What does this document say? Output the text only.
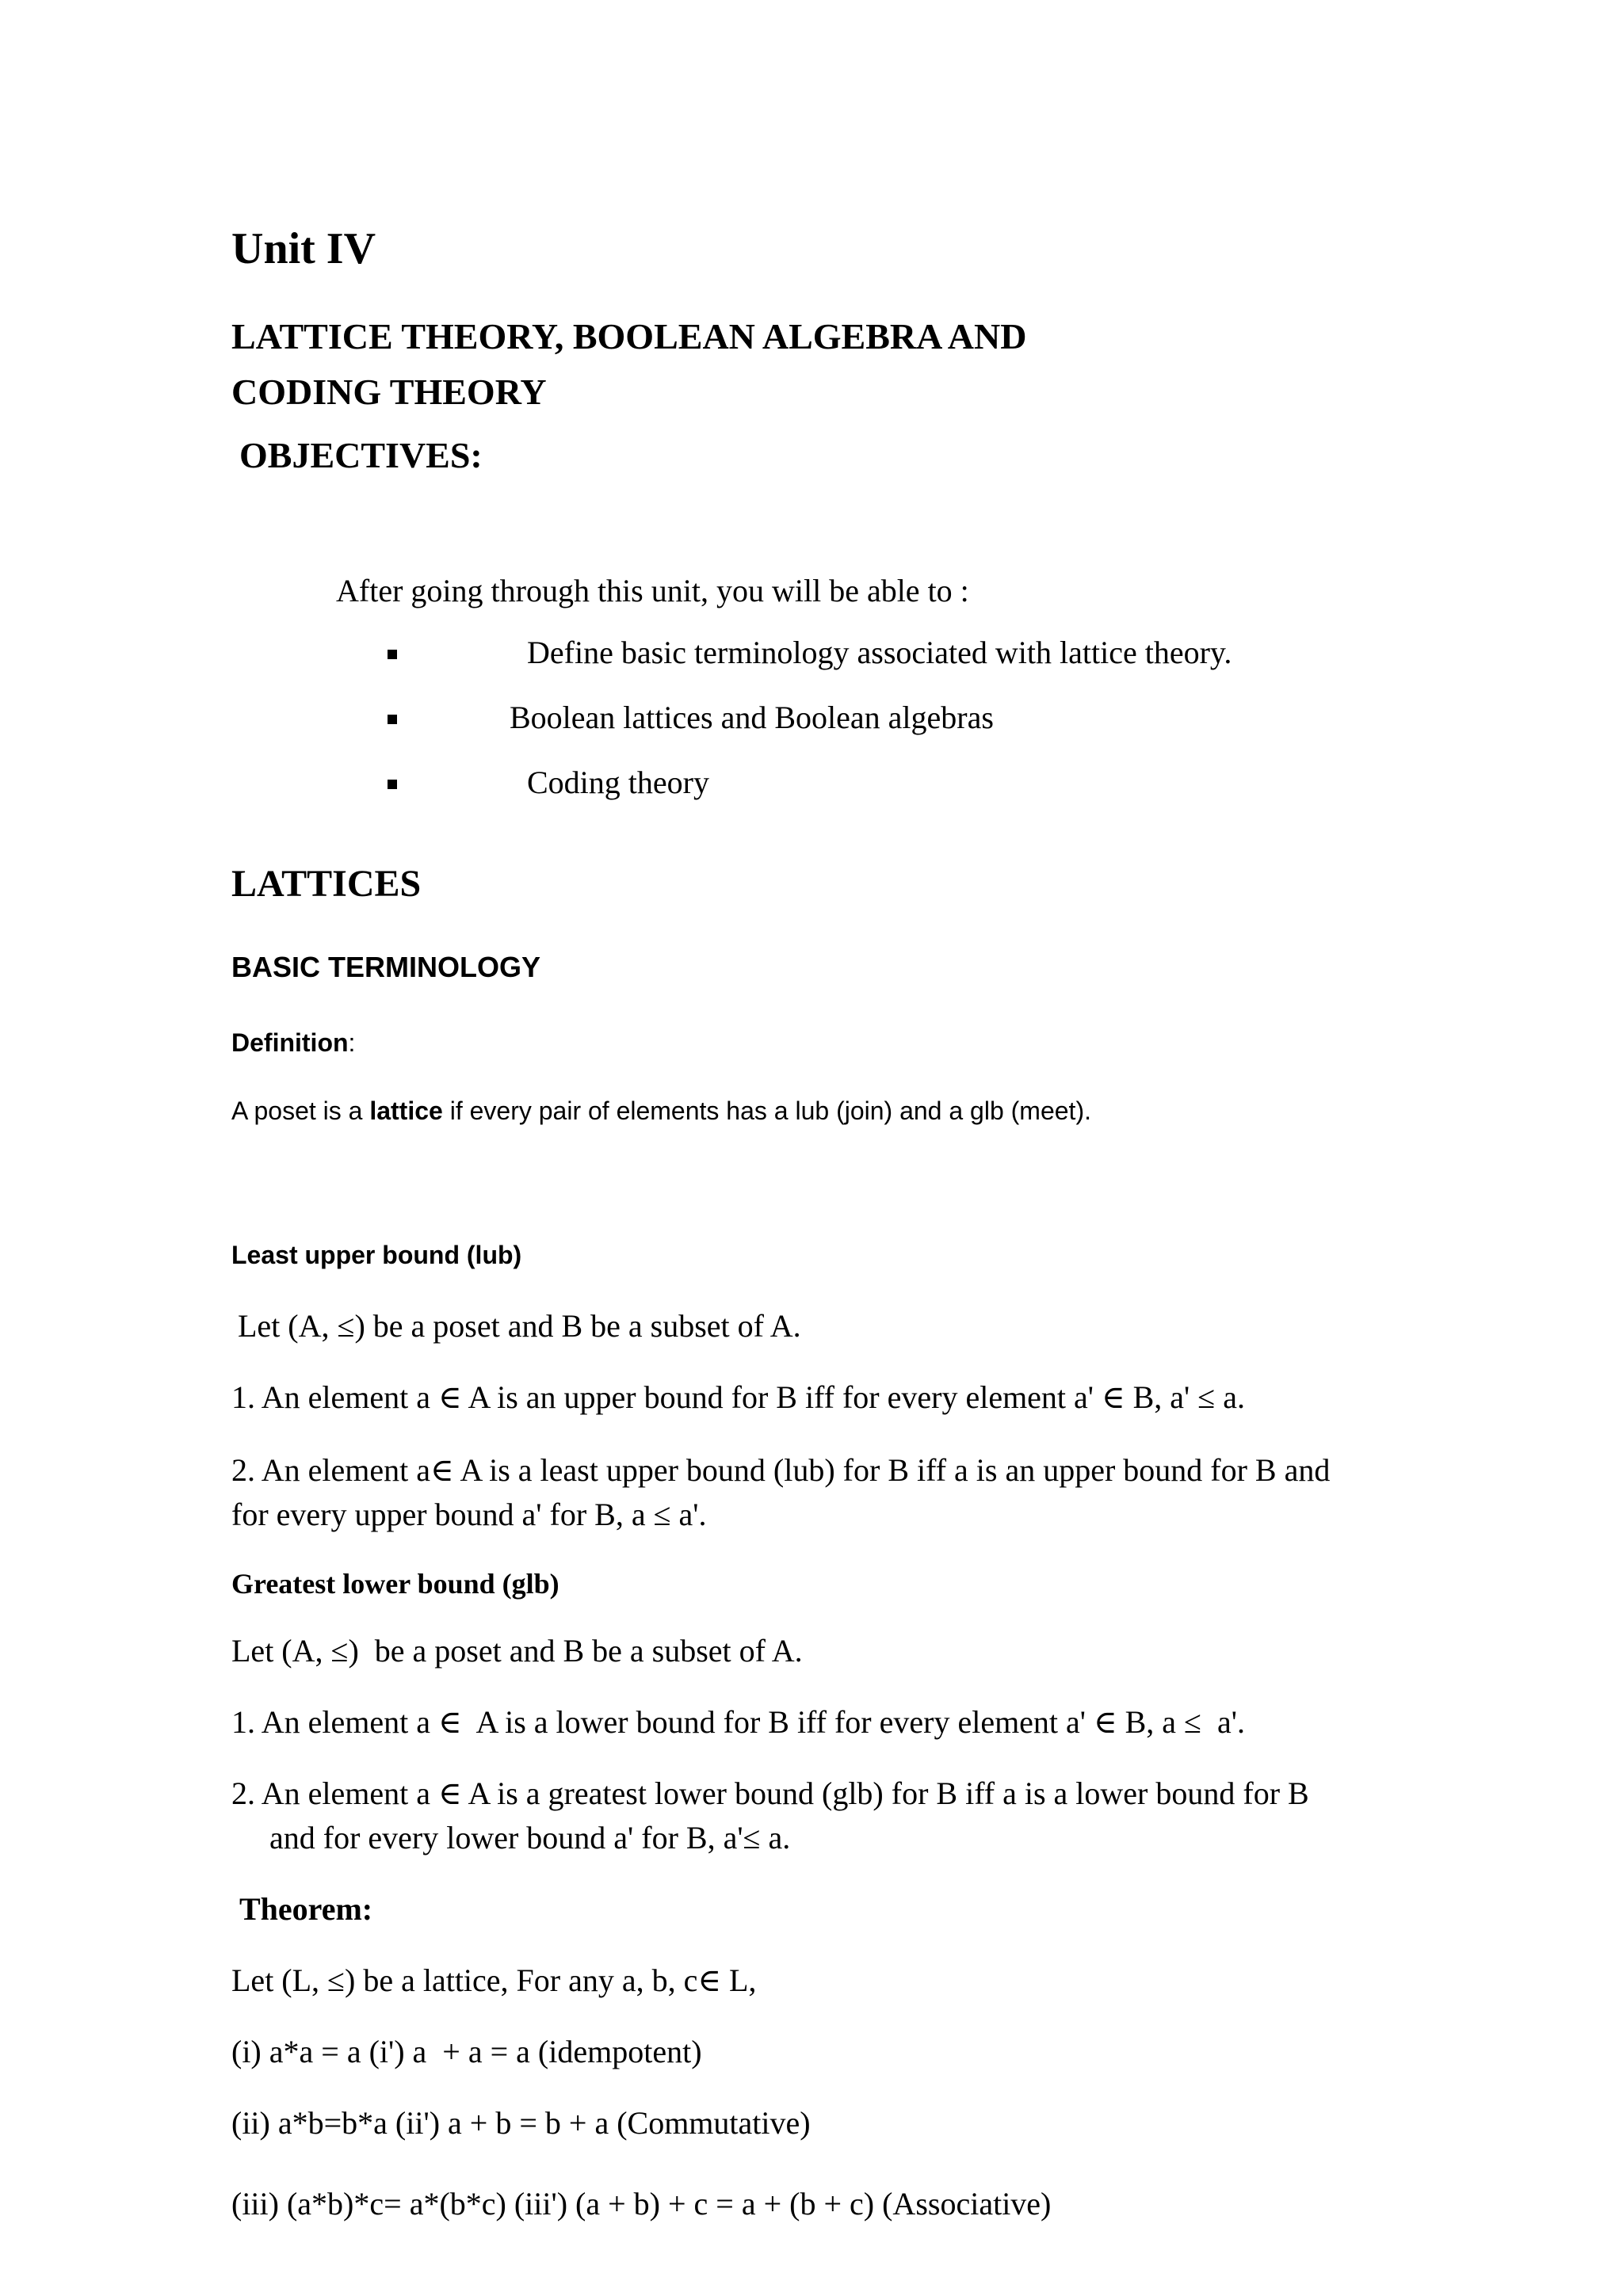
Unit IV
LATTICE THEORY, BOOLEAN ALGEBRA AND
CODING THEORY
OBJECTIVES:
After going through this unit, you will be able to :
Define basic terminology associated with lattice theory.
Boolean lattices and Boolean algebras
Coding theory
LATTICES
BASIC TERMINOLOGY
Definition:
A poset is a lattice if every pair of elements has a lub (join) and a glb (meet).
Least upper bound (lub)
Let (A, ≤) be a poset and B be a subset of A.
1. An element a ∈ A is an upper bound for B iff for every element a' ∈ B, a' ≤ a.
2. An element a∈ A is a least upper bound (lub) for B iff a is an upper bound for B and
for every upper bound a' for B, a ≤ a'.
Greatest lower bound (glb)
Let (A, ≤)  be a poset and B be a subset of A.
1. An element a ∈  A is a lower bound for B iff for every element a' ∈ B, a ≤  a'.
2. An element a ∈ A is a greatest lower bound (glb) for B iff a is a lower bound for B
and for every lower bound a' for B, a'≤ a.
Theorem:
Let (L, ≤) be a lattice, For any a, b, c∈ L,
(i) a*a = a (i') a  + a = a (idempotent)
(ii) a*b=b*a (ii') a + b = b + a (Commutative)
(iii) (a*b)*c= a*(b*c) (iii') (a + b) + c = a + (b + c) (Associative)
